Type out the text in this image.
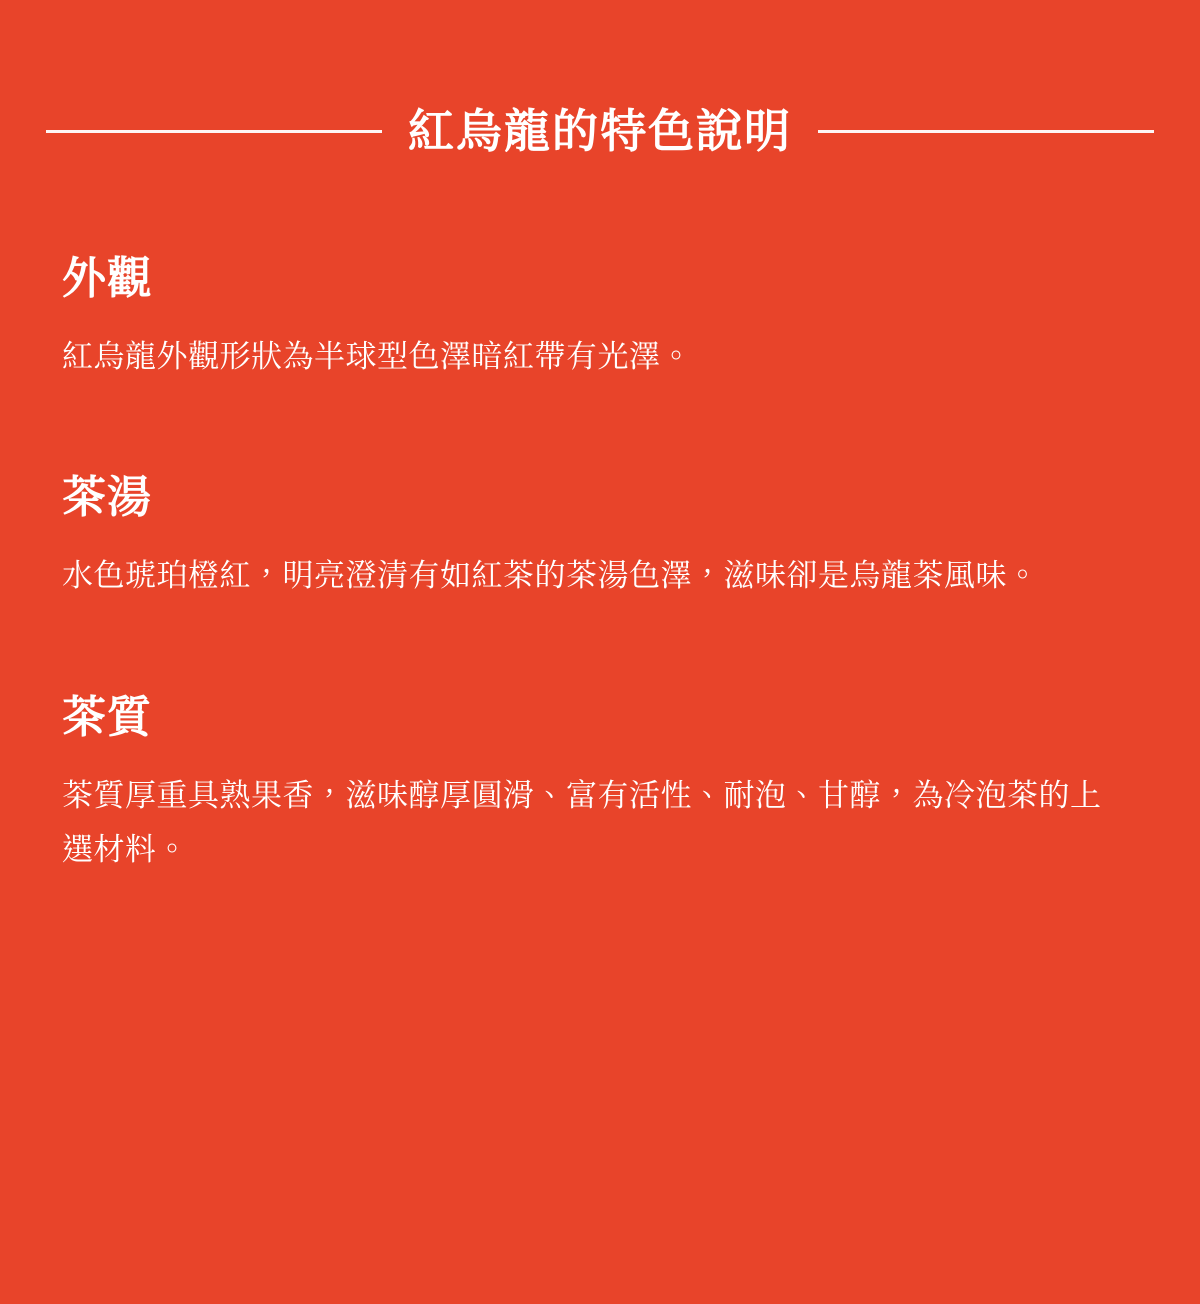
紅烏龍的特色說明
外觀

紅烏龍外觀形狀為半球型色澤暗紅帶有光澤。

茶湯

水色琥珀橙紅，明亮澄清有如紅茶的茶湯色澤，滋味卻是烏龍茶風味。

茶質

茶質厚重具熟果香，滋味醇厚圓滑、富有活性、耐泡、甘醇，為冷泡茶的上選材料。
